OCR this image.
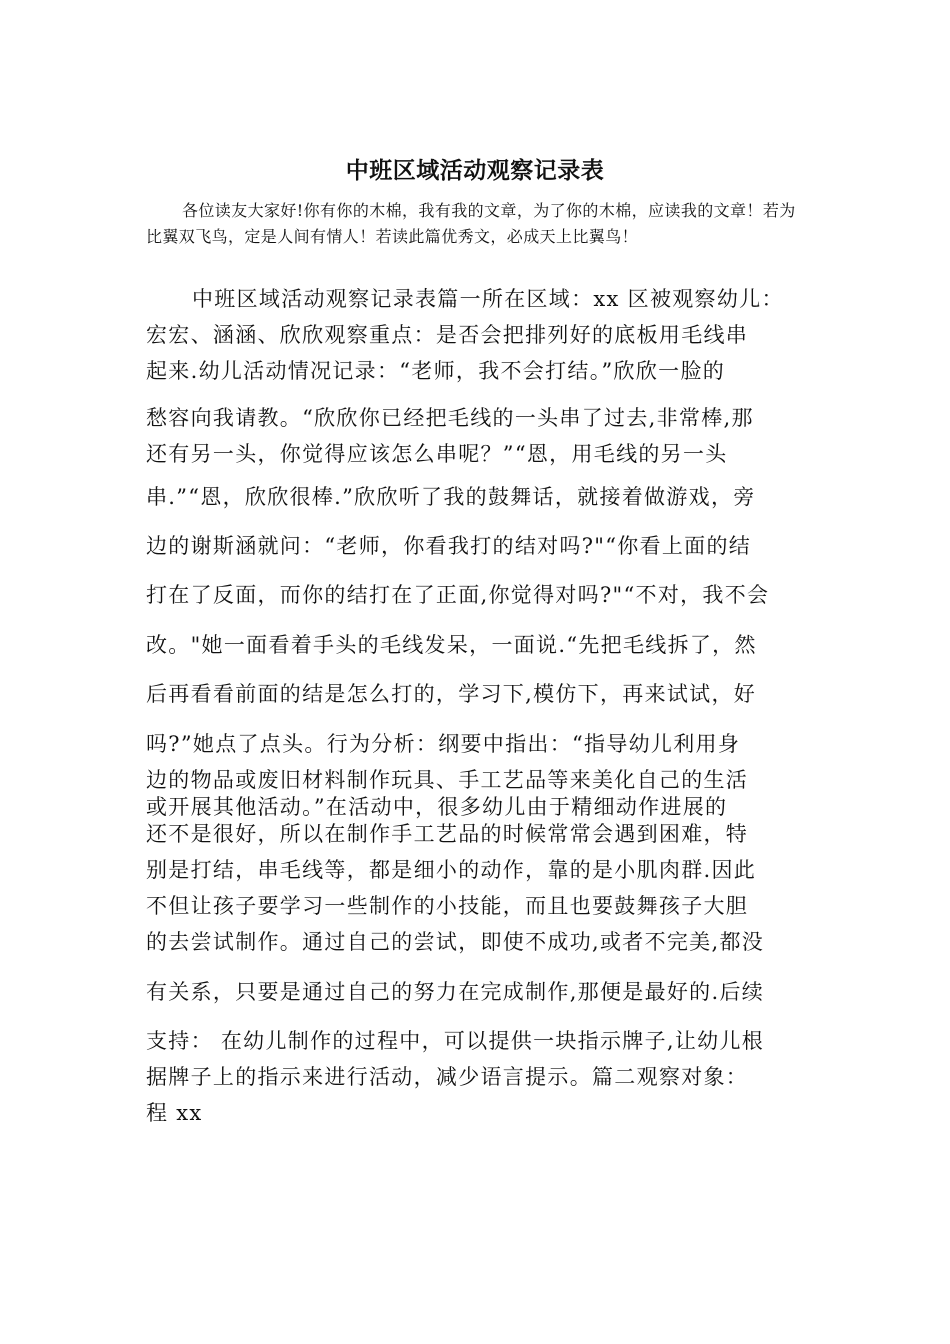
中班区域活动观察记录表

各位读友大家好!你有你的木棉，我有我的文章，为了你的木棉，应读我的文章！若为比翼双飞鸟，定是人间有情人！若读此篇优秀文，必成天上比翼鸟！

中班区域活动观察记录表篇一所在区域：xx 区被观察幼儿：

宏宏、涵涵、欣欣观察重点：是否会把排列好的底板用毛线串

起来.幼儿活动情况记录：“老师，我不会打结。”欣欣一脸的

愁容向我请教。“欣欣你已经把毛线的一头串了过去,非常棒,那

还有另一头，你觉得应该怎么串呢？”“恩，用毛线的另一头

串.”“恩，欣欣很棒.”欣欣听了我的鼓舞话，就接着做游戏，旁

边的谢斯涵就问：“老师，你看我打的结对吗?"“你看上面的结

打在了反面，而你的结打在了正面,你觉得对吗?"“不对，我不会

改。"她一面看着手头的毛线发呆，一面说.“先把毛线拆了，然

后再看看前面的结是怎么打的，学习下,模仿下，再来试试，好

吗?”她点了点头。行为分析：纲要中指出：“指导幼儿利用身

边的物品或废旧材料制作玩具、手工艺品等来美化自己的生活

或开展其他活动。”在活动中，很多幼儿由于精细动作进展的

还不是很好，所以在制作手工艺品的时候常常会遇到困难，特

别是打结，串毛线等，都是细小的动作，靠的是小肌肉群.因此

不但让孩子要学习一些制作的小技能，而且也要鼓舞孩子大胆

的去尝试制作。通过自己的尝试，即使不成功,或者不完美,都没

有关系，只要是通过自己的努力在完成制作,那便是最好的.后续

支持： 在幼儿制作的过程中，可以提供一块指示牌子,让幼儿根

据牌子上的指示来进行活动，减少语言提示。篇二观察对象：

程 xx
